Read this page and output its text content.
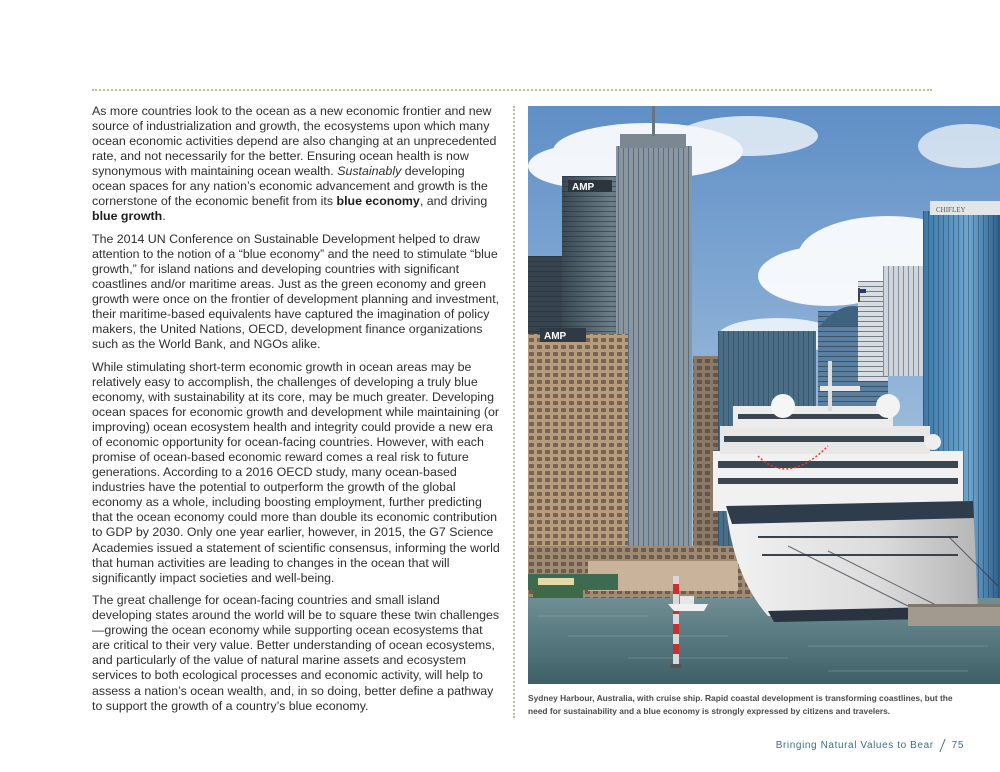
As more countries look to the ocean as a new economic frontier and new source of industrialization and growth, the ecosystems upon which many ocean economic activities depend are also changing at an unprecedented rate, and not necessarily for the better. Ensuring ocean health is now synonymous with maintaining ocean wealth. Sustainably developing ocean spaces for any nation’s economic advancement and growth is the cornerstone of the economic benefit from its blue economy, and driving blue growth.

The 2014 UN Conference on Sustainable Development helped to draw attention to the notion of a “blue economy” and the need to stimulate “blue growth,” for island nations and developing countries with significant coastlines and/or maritime areas. Just as the green economy and green growth were once on the frontier of development planning and investment, their maritime-based equivalents have captured the imagination of policy makers, the United Nations, OECD, development finance organizations such as the World Bank, and NGOs alike.

While stimulating short-term economic growth in ocean areas may be relatively easy to accomplish, the challenges of developing a truly blue economy, with sustainability at its core, may be much greater. Developing ocean spaces for economic growth and development while maintaining (or improving) ocean ecosystem health and integrity could provide a new era of economic opportunity for ocean-facing countries. However, with each promise of ocean-based economic reward comes a real risk to future generations. According to a 2016 OECD study, many ocean-based industries have the potential to outperform the growth of the global economy as a whole, including boosting employment, further predicting that the ocean economy could more than double its economic contribution to GDP by 2030. Only one year earlier, however, in 2015, the G7 Science Academies issued a statement of scientific consensus, informing the world that human activities are leading to changes in the ocean that will significantly impact societies and well-being.

The great challenge for ocean-facing countries and small island developing states around the world will be to square these twin challenges—growing the ocean economy while supporting ocean ecosystems that are critical to their very value. Better understanding of ocean ecosystems, and particularly of the value of natural marine assets and ecosystem services to both ecological processes and economic activity, will help to assess a nation’s ocean wealth, and, in so doing, better define a pathway to support the growth of a country’s blue economy.

AMP
AMP
CHIFLEY
Sydney Harbour, Australia, with cruise ship. Rapid coastal development is transforming coastlines, but the need for sustainability and a blue economy is strongly expressed by citizens and travelers.
Bringing Natural Values to Bear 75
